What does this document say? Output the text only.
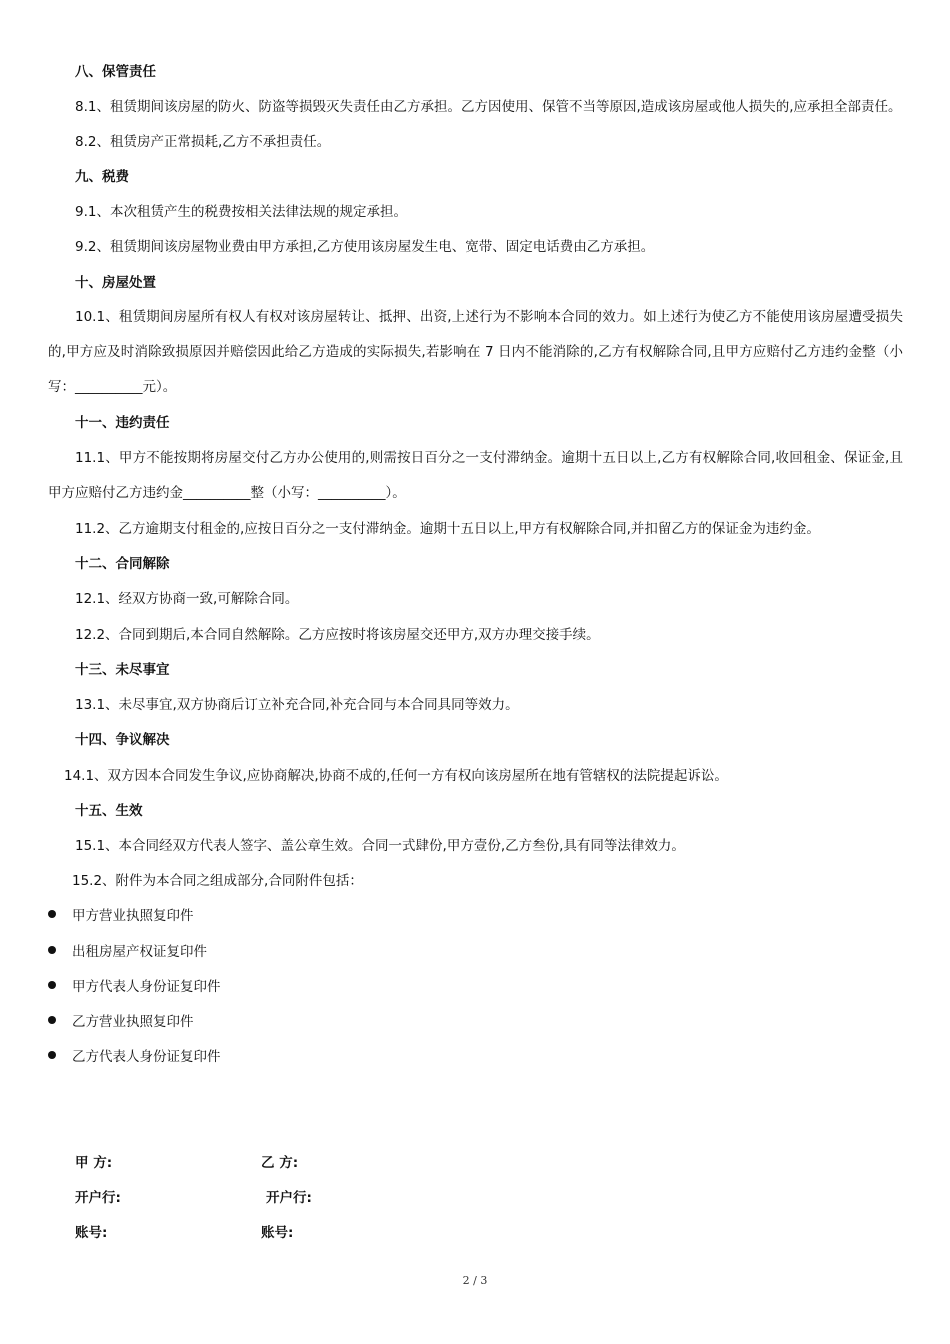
八、保管责任
8.1、租赁期间该房屋的防火、防盗等损毁灭失责任由乙方承担。乙方因使用、保管不当等原因,造成该房屋或他人损失的,应承担全部责任。
8.2、租赁房产正常损耗,乙方不承担责任。
九、税费
9.1、本次租赁产生的税费按相关法律法规的规定承担。
9.2、租赁期间该房屋物业费由甲方承担,乙方使用该房屋发生电、宽带、固定电话费由乙方承担。
十、房屋处置
10.1、租赁期间房屋所有权人有权对该房屋转让、抵押、出资,上述行为不影响本合同的效力。如上述行为使乙方不能使用该房屋遭受损失的,甲方应及时消除致损原因并赔偿因此给乙方造成的实际损失,若影响在 7 日内不能消除的,乙方有权解除合同,且甲方应赔付乙方违约金整（小写：__________元）。
十一、违约责任
11.1、甲方不能按期将房屋交付乙方办公使用的,则需按日百分之一支付滞纳金。逾期十五日以上,乙方有权解除合同,收回租金、保证金,且甲方应赔付乙方违约金__________整（小写：__________）。
11.2、乙方逾期支付租金的,应按日百分之一支付滞纳金。逾期十五日以上,甲方有权解除合同,并扣留乙方的保证金为违约金。
十二、合同解除
12.1、经双方协商一致,可解除合同。
12.2、合同到期后,本合同自然解除。乙方应按时将该房屋交还甲方,双方办理交接手续。
十三、未尽事宜
13.1、未尽事宜,双方协商后订立补充合同,补充合同与本合同具同等效力。
十四、争议解决
14.1、双方因本合同发生争议,应协商解决,协商不成的,任何一方有权向该房屋所在地有管辖权的法院提起诉讼。
十五、生效
15.1、本合同经双方代表人签字、盖公章生效。合同一式肆份,甲方壹份,乙方叁份,具有同等法律效力。
15.2、附件为本合同之组成部分,合同附件包括：
甲方营业执照复印件
出租房屋产权证复印件
甲方代表人身份证复印件
乙方营业执照复印件
乙方代表人身份证复印件
甲 方:	乙 方:
开户行:	开户行:
账号:	账号:
2 / 3
